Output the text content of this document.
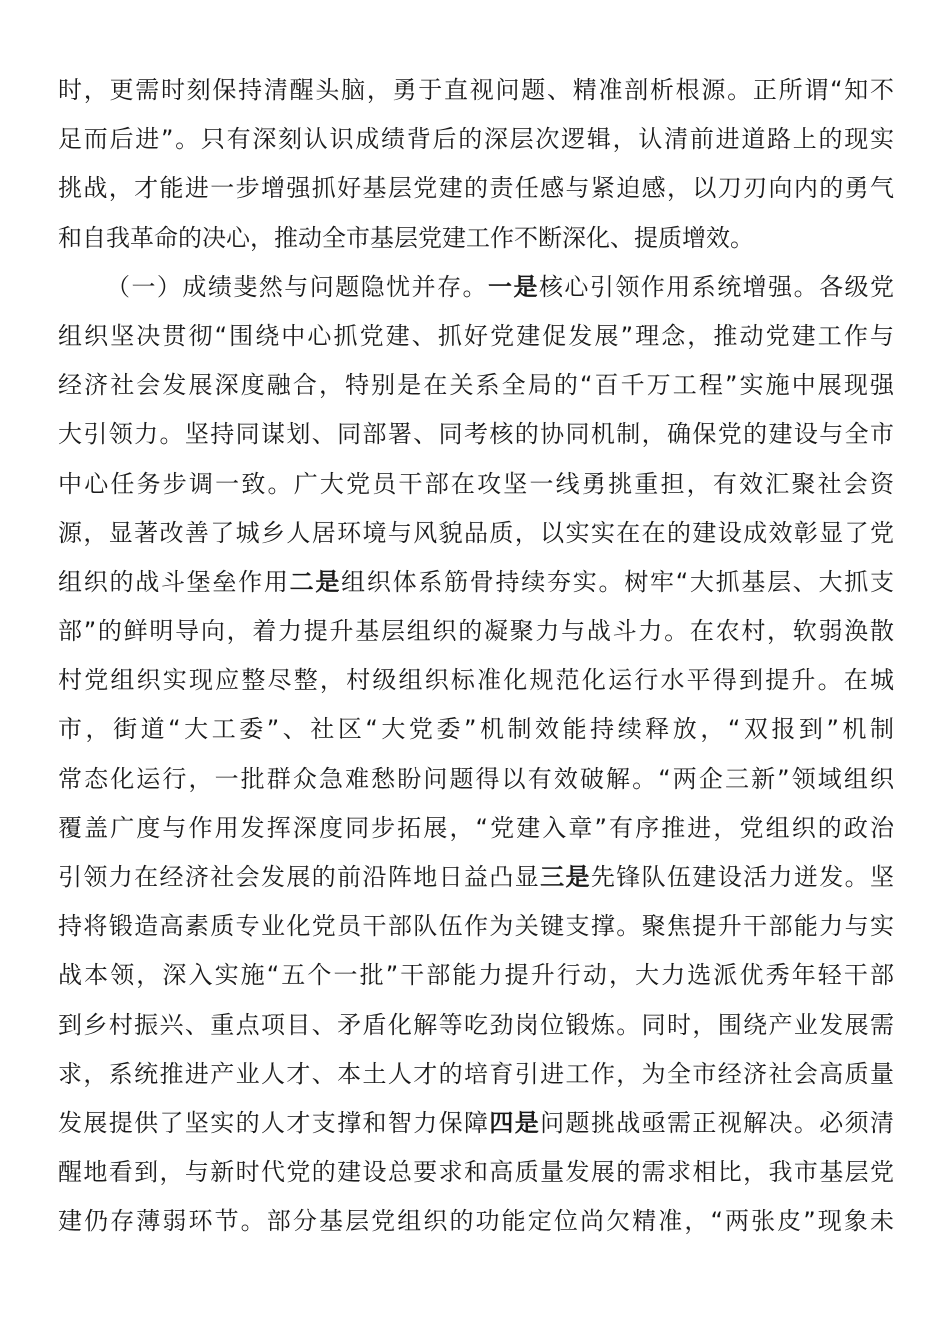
时，更需时刻保持清醒头脑，勇于直视问题、精准剖析根源。正所谓“知不
足而后进”。只有深刻认识成绩背后的深层次逻辑，认清前进道路上的现实
挑战，才能进一步增强抓好基层党建的责任感与紧迫感，以刀刃向内的勇气
和自我革命的决心，推动全市基层党建工作不断深化、提质增效。
（一）成绩斐然与问题隐忧并存。一是核心引领作用系统增强。各级党
组织坚决贯彻“围绕中心抓党建、抓好党建促发展”理念，推动党建工作与
经济社会发展深度融合，特别是在关系全局的“百千万工程”实施中展现强
大引领力。坚持同谋划、同部署、同考核的协同机制，确保党的建设与全市
中心任务步调一致。广大党员干部在攻坚一线勇挑重担，有效汇聚社会资
源，显著改善了城乡人居环境与风貌品质，以实实在在的建设成效彰显了党
组织的战斗堡垒作用二是组织体系筋骨持续夯实。树牢“大抓基层、大抓支
部”的鲜明导向，着力提升基层组织的凝聚力与战斗力。在农村，软弱涣散
村党组织实现应整尽整，村级组织标准化规范化运行水平得到提升。在城
市，街道“大工委”、社区“大党委”机制效能持续释放，“双报到”机制
常态化运行，一批群众急难愁盼问题得以有效破解。“两企三新”领域组织
覆盖广度与作用发挥深度同步拓展，“党建入章”有序推进，党组织的政治
引领力在经济社会发展的前沿阵地日益凸显三是先锋队伍建设活力迸发。坚
持将锻造高素质专业化党员干部队伍作为关键支撑。聚焦提升干部能力与实
战本领，深入实施“五个一批”干部能力提升行动，大力选派优秀年轻干部
到乡村振兴、重点项目、矛盾化解等吃劲岗位锻炼。同时，围绕产业发展需
求，系统推进产业人才、本土人才的培育引进工作，为全市经济社会高质量
发展提供了坚实的人才支撑和智力保障四是问题挑战亟需正视解决。必须清
醒地看到，与新时代党的建设总要求和高质量发展的需求相比，我市基层党
建仍存薄弱环节。部分基层党组织的功能定位尚欠精准，“两张皮”现象未
